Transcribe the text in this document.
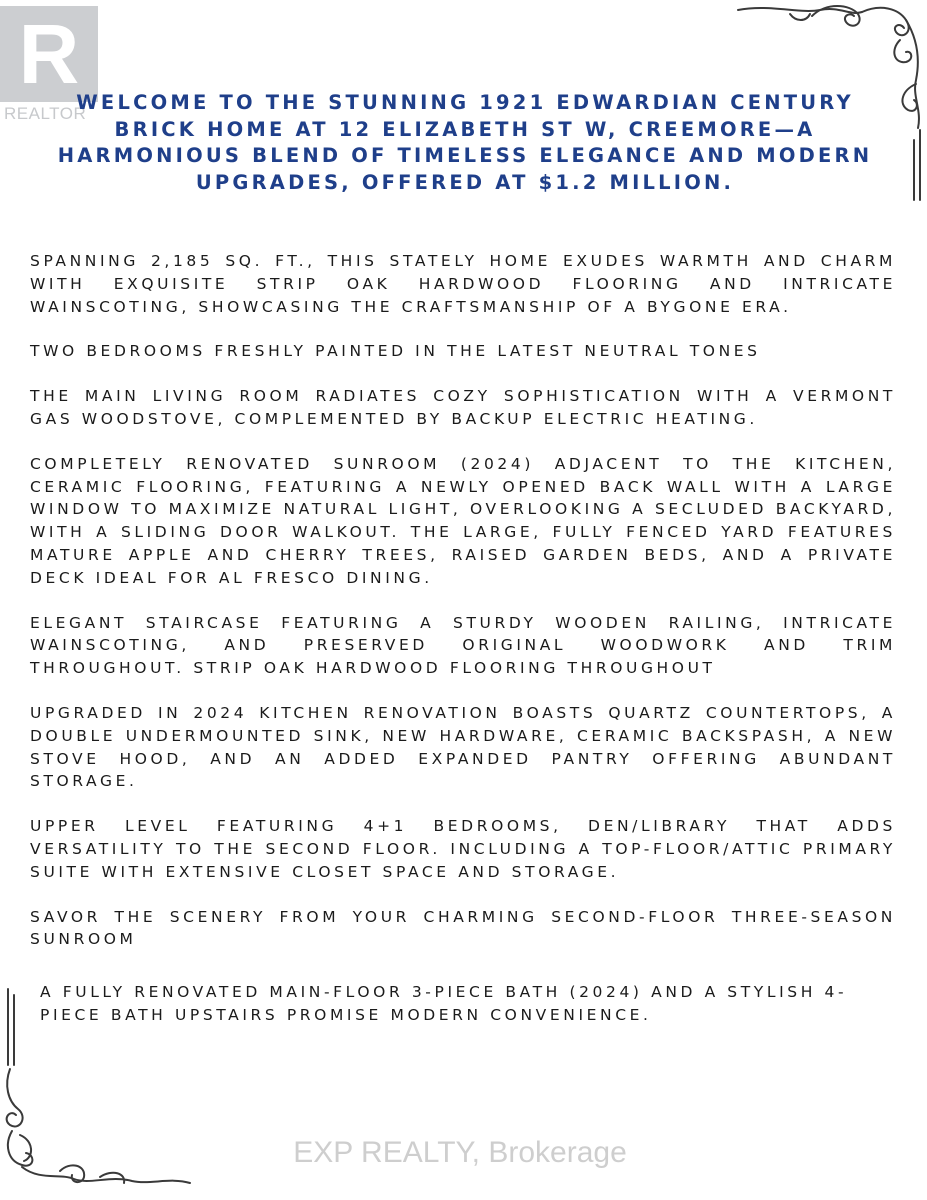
R
REALTOR
WELCOME TO THE STUNNING 1921 EDWARDIAN CENTURY BRICK HOME AT 12 ELIZABETH ST W, CREEMORE—A HARMONIOUS BLEND OF TIMELESS ELEGANCE AND MODERN UPGRADES, OFFERED AT $1.2 MILLION.

SPANNING 2,185 SQ. FT., THIS STATELY HOME EXUDES WARMTH AND CHARM WITH EXQUISITE STRIP OAK HARDWOOD FLOORING AND INTRICATE WAINSCOTING, SHOWCASING THE CRAFTSMANSHIP OF A BYGONE ERA.

TWO BEDROOMS FRESHLY PAINTED IN THE LATEST NEUTRAL TONES

THE MAIN LIVING ROOM RADIATES COZY SOPHISTICATION WITH A VERMONT GAS WOODSTOVE, COMPLEMENTED BY BACKUP ELECTRIC HEATING.

COMPLETELY RENOVATED SUNROOM (2024) ADJACENT TO THE KITCHEN, CERAMIC FLOORING, FEATURING A NEWLY OPENED BACK WALL WITH A LARGE WINDOW TO MAXIMIZE NATURAL LIGHT, OVERLOOKING A SECLUDED BACKYARD, WITH A SLIDING DOOR WALKOUT. THE LARGE, FULLY FENCED YARD FEATURES MATURE APPLE AND CHERRY TREES, RAISED GARDEN BEDS, AND A PRIVATE DECK IDEAL FOR AL FRESCO DINING.

ELEGANT STAIRCASE FEATURING A STURDY WOODEN RAILING, INTRICATE WAINSCOTING, AND PRESERVED ORIGINAL WOODWORK AND TRIM THROUGHOUT. STRIP OAK HARDWOOD FLOORING THROUGHOUT

UPGRADED IN 2024 KITCHEN RENOVATION BOASTS QUARTZ COUNTERTOPS, A DOUBLE UNDERMOUNTED SINK, NEW HARDWARE, CERAMIC BACKSPASH, A NEW STOVE HOOD, AND AN ADDED EXPANDED PANTRY OFFERING ABUNDANT STORAGE.

UPPER LEVEL FEATURING 4+1 BEDROOMS, DEN/LIBRARY THAT ADDS VERSATILITY TO THE SECOND FLOOR. INCLUDING A TOP-FLOOR/ATTIC PRIMARY SUITE WITH EXTENSIVE CLOSET SPACE AND STORAGE.

SAVOR THE SCENERY FROM YOUR CHARMING SECOND-FLOOR THREE-SEASON SUNROOM

A FULLY RENOVATED MAIN-FLOOR 3-PIECE BATH (2024) AND A STYLISH 4-PIECE BATH UPSTAIRS PROMISE MODERN CONVENIENCE.

EXP REALTY, Brokerage
